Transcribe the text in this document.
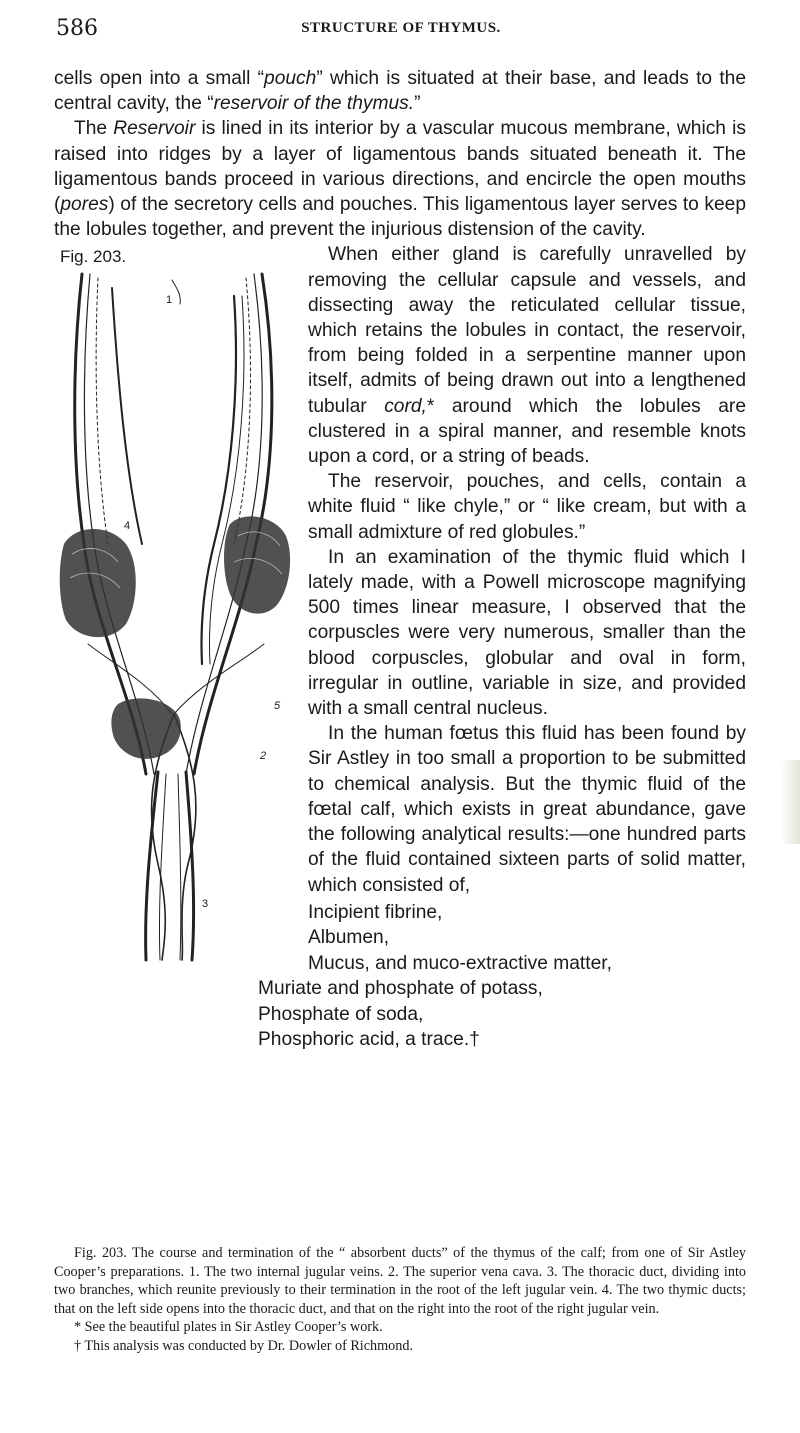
586	STRUCTURE OF THYMUS.

cells open into a small “pouch” which is situated at their base, and leads to the central cavity, the “reservoir of the thymus.”

The Reservoir is lined in its interior by a vascular mucous membrane, which is raised into ridges by a layer of ligamentous bands situated beneath it. The ligamentous bands proceed in various directions, and encircle the open mouths (pores) of the secretory cells and pouches. This ligamentous layer serves to keep the lobules together, and prevent the injurious distension of the cavity.

Fig. 203.
4
5
2
3
1

When either gland is carefully unravelled by removing the cellular capsule and vessels, and dissecting away the reticulated cellular tissue, which retains the lobules in contact, the reservoir, from being folded in a serpentine manner upon itself, admits of being drawn out into a lengthened tubular cord,* around which the lobules are clustered in a spiral manner, and resemble knots upon a cord, or a string of beads.

The reservoir, pouches, and cells, contain a white fluid “ like chyle,” or “ like cream, but with a small admixture of red globules.”

In an examination of the thymic fluid which I lately made, with a Powell microscope magnifying 500 times linear measure, I observed that the corpuscles were very numerous, smaller than the blood corpuscles, globular and oval in form, irregular in outline, variable in size, and provided with a small central nucleus.

In the human fœtus this fluid has been found by Sir Astley in too small a proportion to be submitted to chemical analysis. But the thymic fluid of the fœtal calf, which exists in great abundance, gave the following analytical results:—one hundred parts of the fluid contained sixteen parts of solid matter, which consisted of,

Incipient fibrine,
Albumen,
Mucus, and muco-extractive matter,
Muriate and phosphate of potass,
Phosphate of soda,
Phosphoric acid, a trace.†

Fig. 203. The course and termination of the “ absorbent ducts” of the thymus of the calf; from one of Sir Astley Cooper’s preparations. 1. The two internal jugular veins. 2. The superior vena cava. 3. The thoracic duct, dividing into two branches, which reunite previously to their termination in the root of the left jugular vein. 4. The two thymic ducts; that on the left side opens into the thoracic duct, and that on the right into the root of the right jugular vein.

* See the beautiful plates in Sir Astley Cooper’s work.

† This analysis was conducted by Dr. Dowler of Richmond.
